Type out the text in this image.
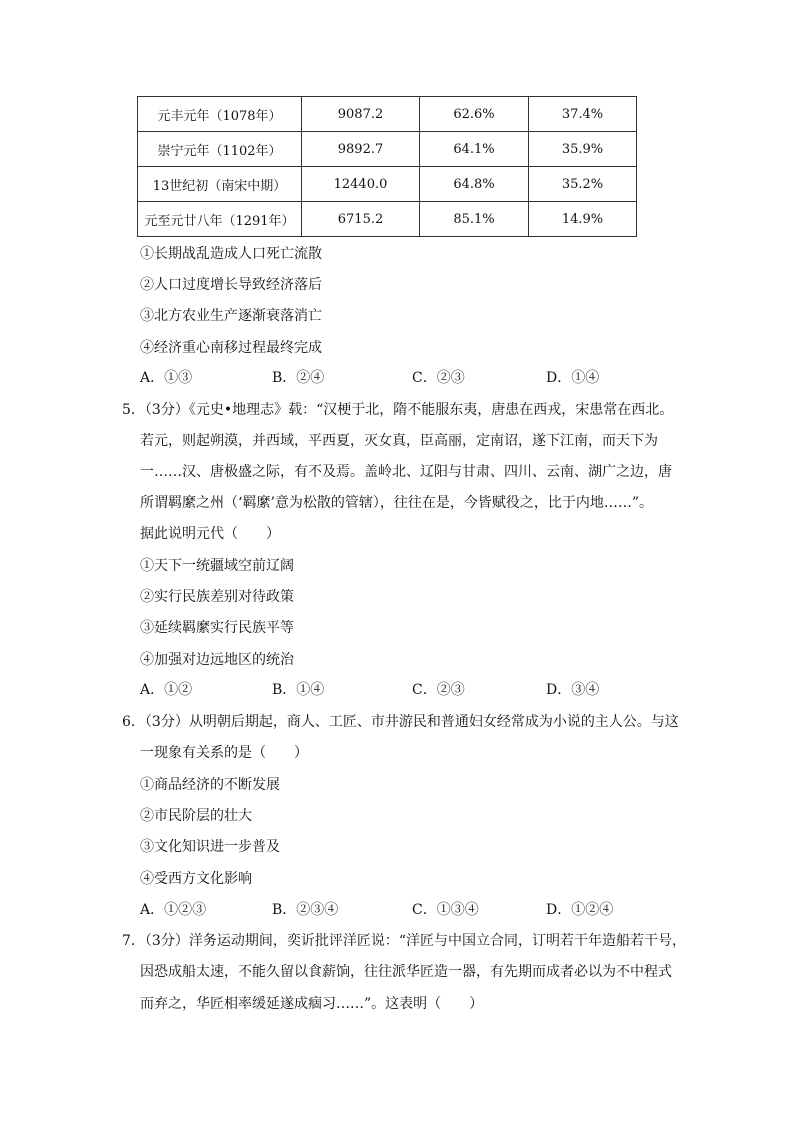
元丰元年（1078年）	9087.2	62.6%	37.4%
崇宁元年（1102年）	9892.7	64.1%	35.9%
13世纪初（南宋中期）	12440.0	64.8%	35.2%
元至元廿八年（1291年）	6715.2	85.1%	14.9%
①长期战乱造成人口死亡流散
②人口过度增长导致经济落后
③北方农业生产逐渐衰落消亡
④经济重心南移过程最终完成
A．①③	B．②④	C．②③	D．①④
5．（3分）《元史•地理志》载：“汉梗于北，隋不能服东夷，唐患在西戎，宋患常在西北。
若元，则起朔漠，并西域，平西夏，灭女真，臣高丽，定南诏，遂下江南，而天下为
一……汉、唐极盛之际，有不及焉。盖岭北、辽阳与甘肃、四川、云南、湖广之边，唐
所谓羁縻之州（‘羁縻’意为松散的管辖），往往在是，今皆赋役之，比于内地……”。
据此说明元代（　　）
①天下一统疆域空前辽阔
②实行民族差别对待政策
③延续羁縻实行民族平等
④加强对边远地区的统治
A．①②	B．①④	C．②③	D．③④
6．（3分）从明朝后期起，商人、工匠、市井游民和普通妇女经常成为小说的主人公。与这
一现象有关系的是（　　）
①商品经济的不断发展
②市民阶层的壮大
③文化知识进一步普及
④受西方文化影响
A．①②③	B．②③④	C．①③④	D．①②④
7．（3分）洋务运动期间，奕䜣批评洋匠说：“洋匠与中国立合同，订明若干年造船若干号，
因恐成船太速，不能久留以食薪饷，往往派华匠造一器，有先期而成者必以为不中程式
而弃之，华匠相率缓延遂成痼习……”。这表明（　　）
